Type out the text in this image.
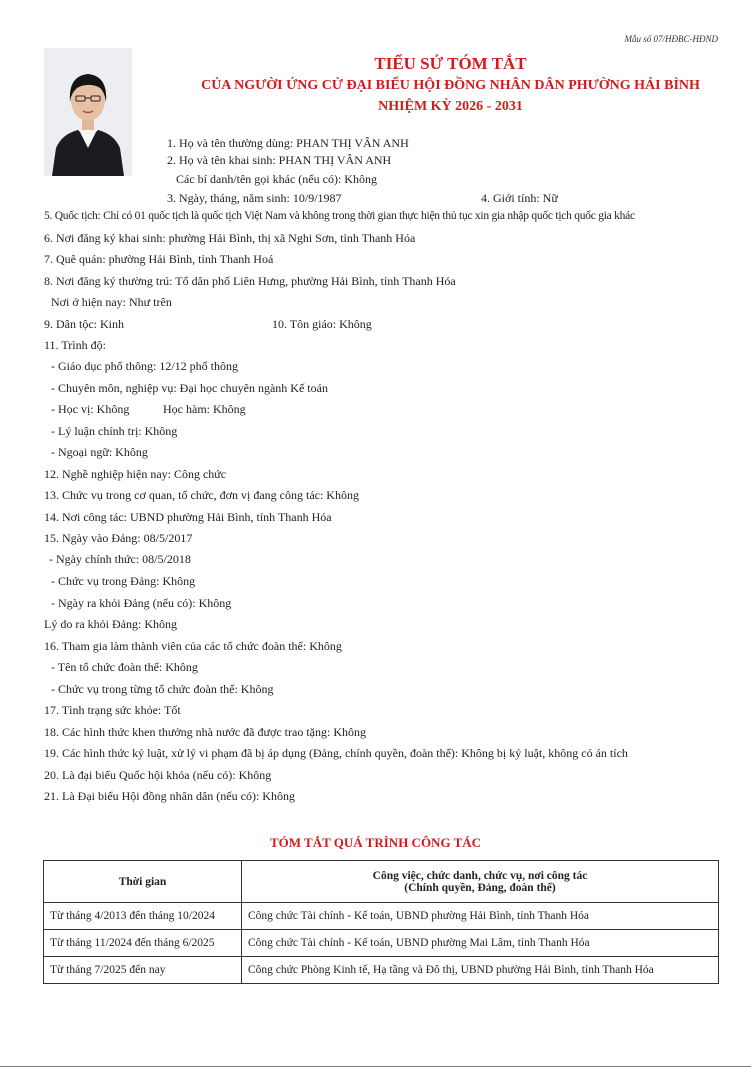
Mẫu số 07/HĐBC-HĐND
TIỂU SỬ TÓM TẮT
CỦA NGƯỜI ỨNG CỬ ĐẠI BIỂU HỘI ĐỒNG NHÂN DÂN PHƯỜNG HẢI BÌNH
NHIỆM KỲ 2026 - 2031
1. Họ và tên thường dùng: PHAN THỊ VÂN ANH
2. Họ và tên khai sinh: PHAN THỊ VÂN ANH
Các bí danh/tên gọi khác (nếu có): Không
3. Ngày, tháng, năm sinh: 10/9/1987	4. Giới tính: Nữ
5. Quốc tịch: Chỉ có 01 quốc tịch là quốc tịch Việt Nam và không trong thời gian thực hiện thủ tục xin gia nhập quốc tịch quốc gia khác
6. Nơi đăng ký khai sinh: phường Hải Bình, thị xã Nghi Sơn, tỉnh Thanh Hóa
7. Quê quán: phường Hải Bình, tỉnh Thanh Hoá
8. Nơi đăng ký thường trú: Tổ dân phố Liên Hưng, phường Hải Bình, tỉnh Thanh Hóa
Nơi ở hiện nay: Như trên
9. Dân tộc: Kinh	10. Tôn giáo: Không
11. Trình độ:
- Giáo dục phổ thông: 12/12 phổ thông
- Chuyên môn, nghiệp vụ: Đại học chuyên ngành Kế toán
- Học vị: Không	Học hàm: Không
- Lý luận chính trị: Không
- Ngoại ngữ: Không
12. Nghề nghiệp hiện nay: Công chức
13. Chức vụ trong cơ quan, tổ chức, đơn vị đang công tác: Không
14. Nơi công tác: UBND phường Hải Bình, tỉnh Thanh Hóa
15. Ngày vào Đảng: 08/5/2017
- Ngày chính thức: 08/5/2018
- Chức vụ trong Đảng: Không
- Ngày ra khỏi Đảng (nếu có): Không
Lý do ra khỏi Đảng: Không
16. Tham gia làm thành viên của các tổ chức đoàn thể: Không
- Tên tổ chức đoàn thể: Không
- Chức vụ trong từng tổ chức đoàn thể: Không
17. Tình trạng sức khỏe: Tốt
18. Các hình thức khen thưởng nhà nước đã được trao tặng: Không
19. Các hình thức kỷ luật, xử lý vi phạm đã bị áp dụng (Đảng, chính quyền, đoàn thể): Không bị kỷ luật, không có án tích
20. Là đại biểu Quốc hội khóa (nếu có): Không
21. Là Đại biểu Hội đồng nhân dân (nếu có): Không
TÓM TẮT QUÁ TRÌNH CÔNG TÁC
Thời gian	Công việc, chức danh, chức vụ, nơi công tác
(Chính quyền, Đảng, đoàn thể)

Từ tháng 4/2013 đến tháng 10/2024	Công chức Tài chính - Kế toán, UBND phường Hải Bình, tỉnh Thanh Hóa
Từ tháng 11/2024 đến tháng 6/2025	Công chức Tài chính - Kế toán, UBND phường Mai Lâm, tỉnh Thanh Hóa
Từ tháng 7/2025 đến nay	Công chức Phòng Kinh tế, Hạ tầng và Đô thị, UBND phường Hải Bình, tỉnh Thanh Hóa
